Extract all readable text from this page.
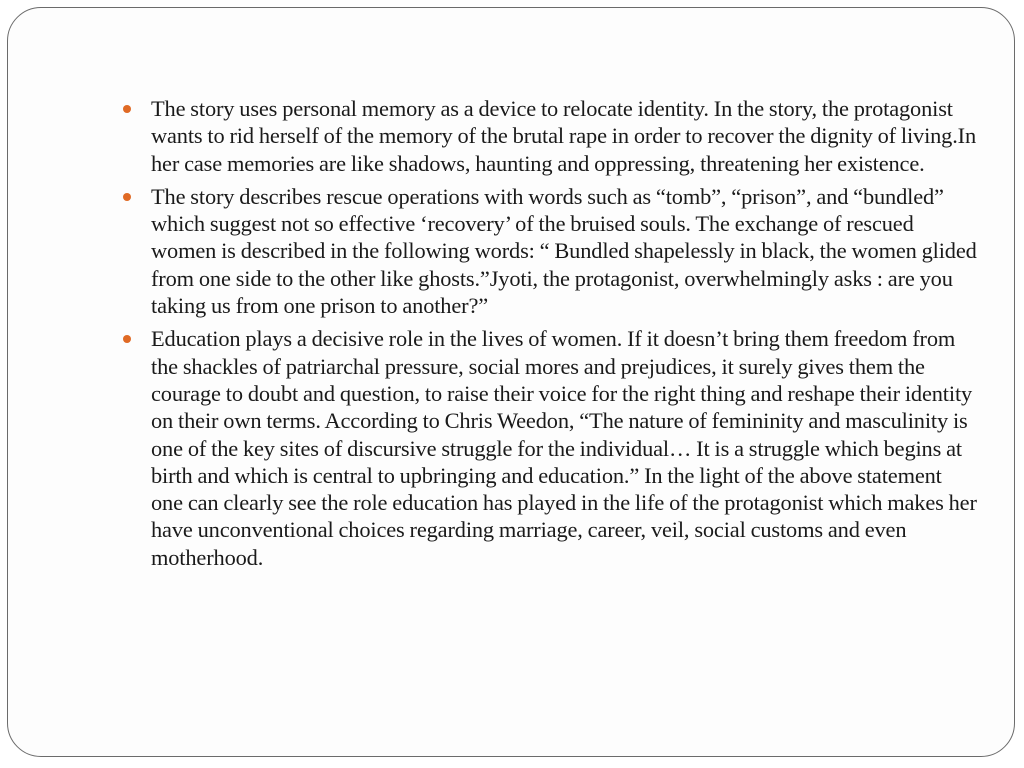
The story uses personal memory as a device to relocate identity. In the story, the protagonist wants to rid herself of the memory of the brutal rape in order to recover the dignity of living.In her case memories are like shadows, haunting and oppressing, threatening her existence.
The story describes rescue operations with words such as “tomb”, “prison”, and “bundled” which suggest not so effective ‘recovery’ of the bruised souls. The exchange of rescued women is described in the following words: “ Bundled shapelessly in black, the women glided from one side to the other like ghosts.”Jyoti, the protagonist, overwhelmingly asks : are you taking us from one prison to another?”
Education plays a decisive role in the lives of women. If it doesn’t bring them freedom from the shackles of patriarchal pressure, social mores and prejudices, it surely gives them the courage to doubt and question, to raise their voice for the right thing and reshape their identity on their own terms. According to Chris Weedon, “The nature of femininity and masculinity is one of the key sites of discursive struggle for the individual… It is a struggle which begins at birth and which is central to upbringing and education.” In the light of the above statement one can clearly see the role education has played in the life of the protagonist which makes her have unconventional choices regarding marriage, career, veil, social customs and even motherhood.
